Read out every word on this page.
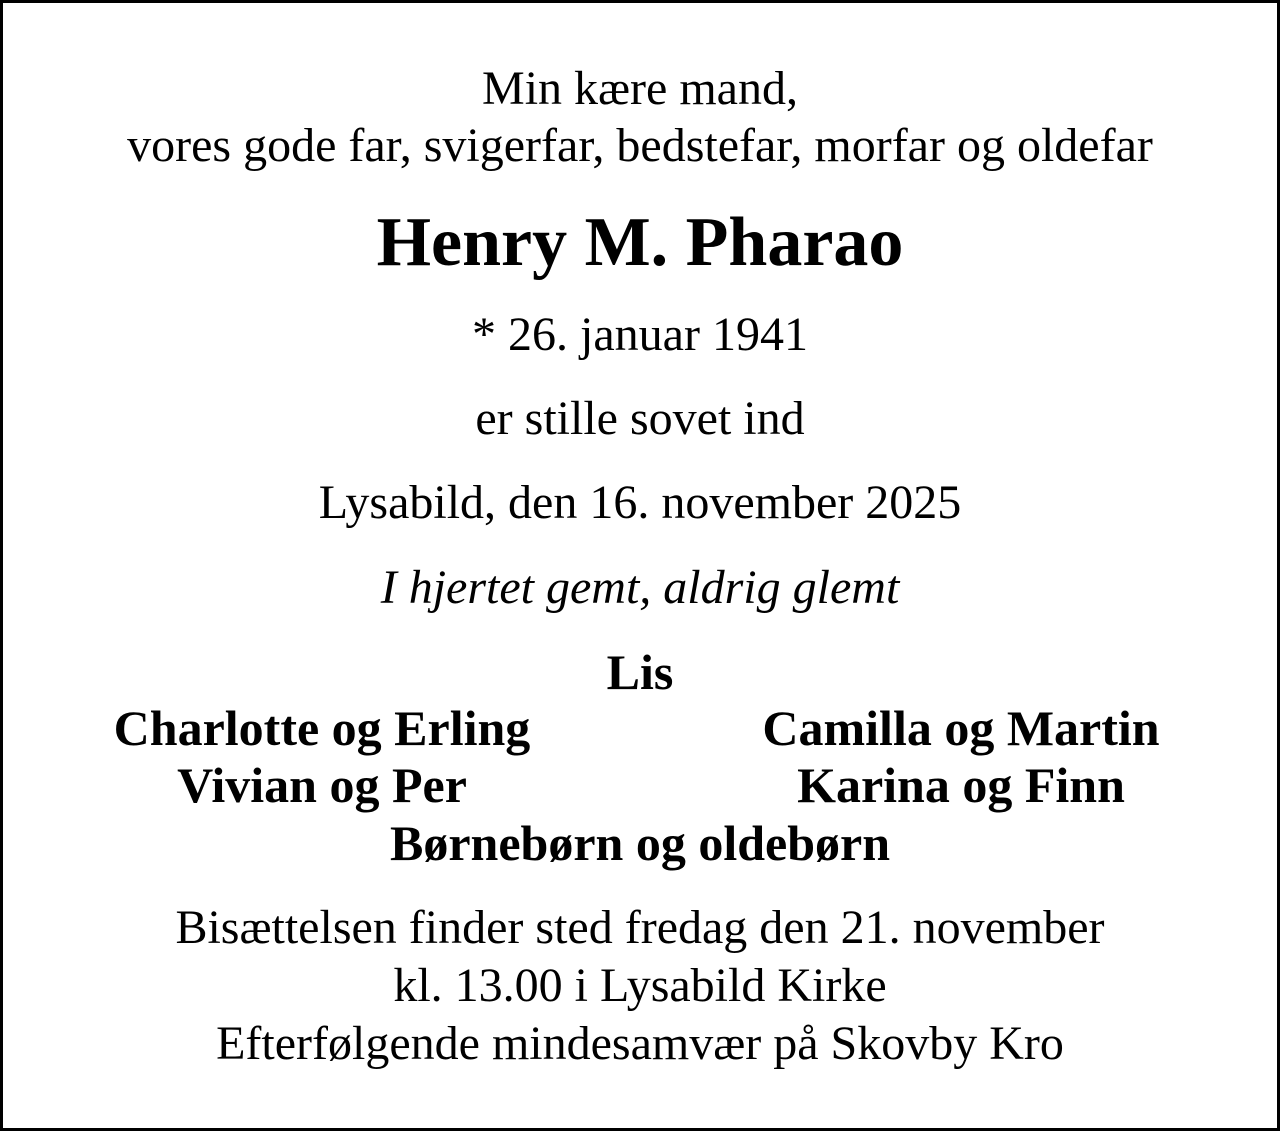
Min kære mand,
vores gode far, svigerfar, bedstefar, morfar og oldefar
Henry M. Pharao
* 26. januar 1941
er stille sovet ind
Lysabild, den 16. november 2025
I hjertet gemt, aldrig glemt
Lis
Charlotte og Erling	Camilla og Martin
Vivian og Per	Karina og Finn
Børnebørn og oldebørn
Bisættelsen finder sted fredag den 21. november
kl. 13.00 i Lysabild Kirke
Efterfølgende mindesamvær på Skovby Kro
